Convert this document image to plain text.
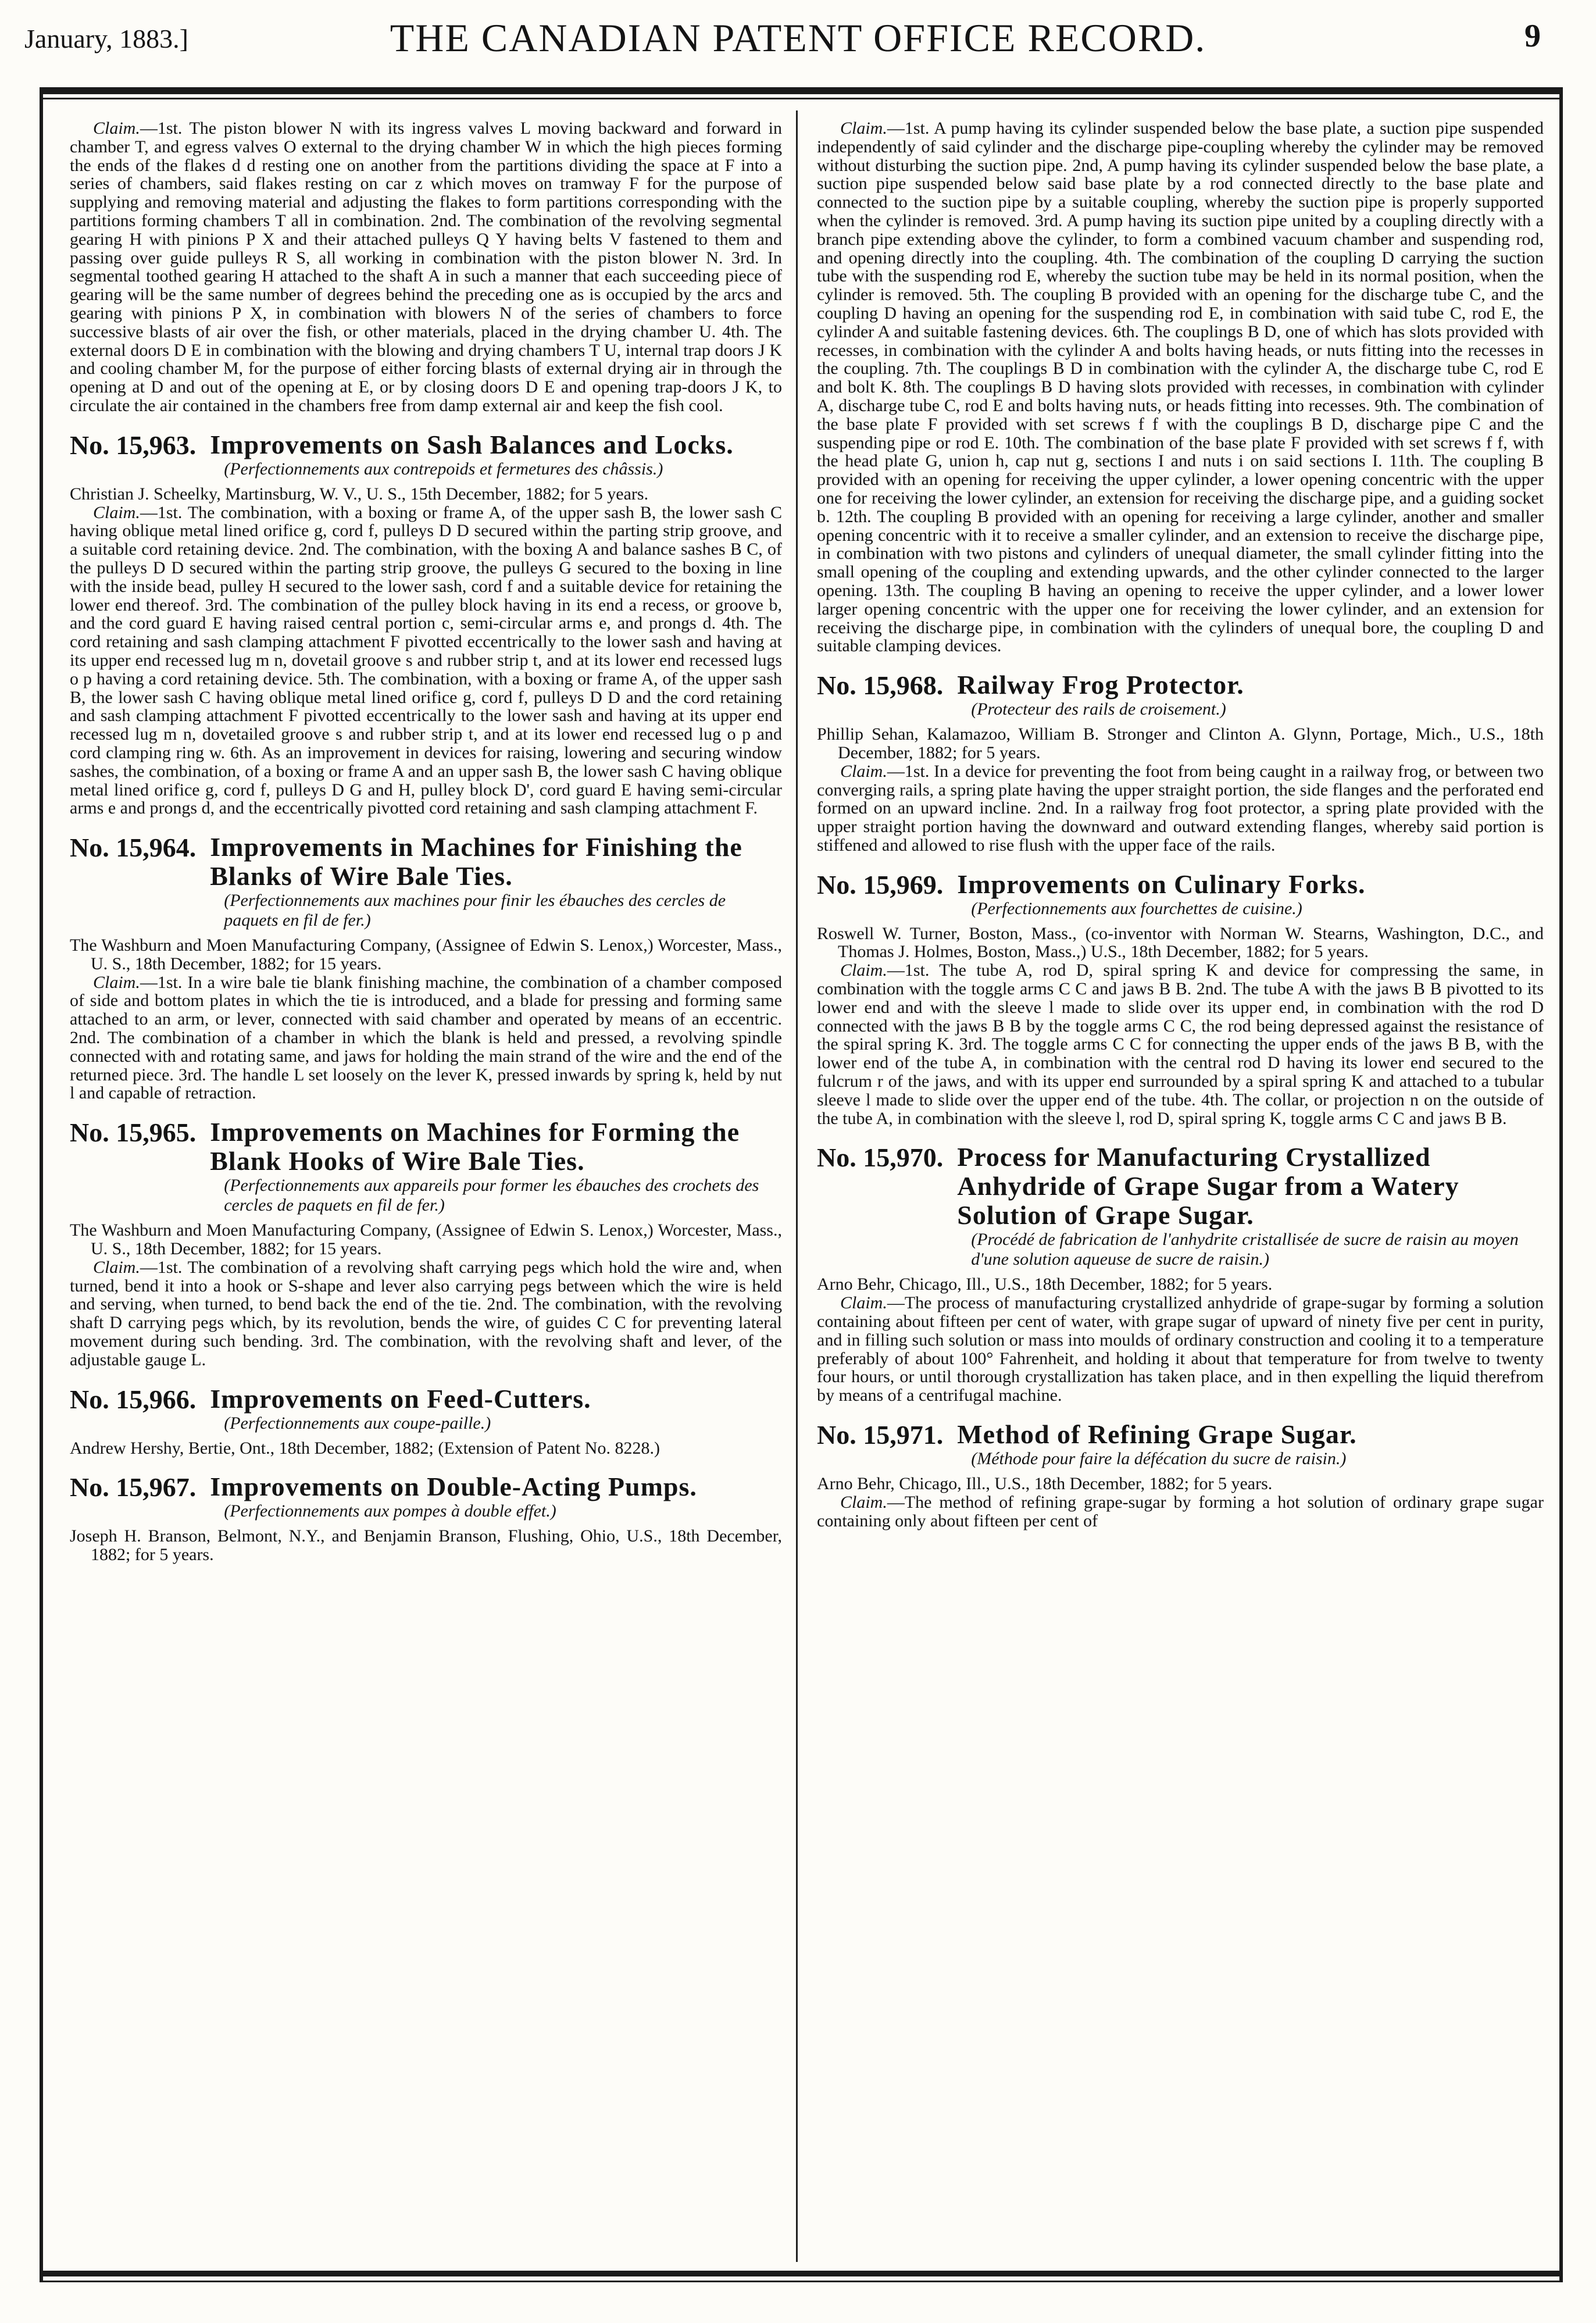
January, 1883.]	THE CANADIAN PATENT OFFICE RECORD.	9

Claim.—1st. The piston blower N with its ingress valves L moving backward and forward in chamber T, and egress valves O external to the drying chamber W in which the high pieces forming the ends of the flakes d d resting one on another from the partitions dividing the space at F into a series of chambers, said flakes resting on car z which moves on tramway F for the purpose of supplying and removing material and adjusting the flakes to form partitions corresponding with the partitions forming chambers T all in combination. 2nd. The combination of the revolving segmental gearing H with pinions P X and their attached pulleys Q Y having belts V fastened to them and passing over guide pulleys R S, all working in combination with the piston blower N. 3rd. In segmental toothed gearing H attached to the shaft A in such a manner that each succeeding piece of gearing will be the same number of degrees behind the preceding one as is occupied by the arcs and gearing with pinions P X, in combination with blowers N of the series of chambers to force successive blasts of air over the fish, or other materials, placed in the drying chamber U. 4th. The external doors D E in combination with the blowing and drying chambers T U, internal trap doors J K and cooling chamber M, for the purpose of either forcing blasts of external drying air in through the opening at D and out of the opening at E, or by closing doors D E and opening trap-doors J K, to circulate the air contained in the chambers free from damp external air and keep the fish cool.

No. 15,963. Improvements on Sash Balances and Locks.
(Perfectionnements aux contrepoids et fermetures des châssis.)

Christian J. Scheelky, Martinsburg, W. V., U. S., 15th December, 1882; for 5 years.

Claim.—1st. The combination, with a boxing or frame A, of the upper sash B, the lower sash C having oblique metal lined orifice g, cord f, pulleys D D secured within the parting strip groove, and a suitable cord retaining device. 2nd. The combination, with the boxing A and balance sashes B C, of the pulleys D D secured within the parting strip groove, the pulleys G secured to the boxing in line with the inside bead, pulley H secured to the lower sash, cord f and a suitable device for retaining the lower end thereof. 3rd. The combination of the pulley block having in its end a recess, or groove b, and the cord guard E having raised central portion c, semi-circular arms e, and prongs d. 4th. The cord retaining and sash clamping attachment F pivotted eccentrically to the lower sash and having at its upper end recessed lug m n, dovetail groove s and rubber strip t, and at its lower end recessed lugs o p having a cord retaining device. 5th. The combination, with a boxing or frame A, of the upper sash B, the lower sash C having oblique metal lined orifice g, cord f, pulleys D D and the cord retaining and sash clamping attachment F pivotted eccentrically to the lower sash and having at its upper end recessed lug m n, dovetailed groove s and rubber strip t, and at its lower end recessed lug o p and cord clamping ring w. 6th. As an improvement in devices for raising, lowering and securing window sashes, the combination, of a boxing or frame A and an upper sash B, the lower sash C having oblique metal lined orifice g, cord f, pulleys D G and H, pulley block D', cord guard E having semi-circular arms e and prongs d, and the eccentrically pivotted cord retaining and sash clamping attachment F.

No. 15,964. Improvements in Machines for Finishing the Blanks of Wire Bale Ties.
(Perfectionnements aux machines pour finir les ébauches des cercles de paquets en fil de fer.)

The Washburn and Moen Manufacturing Company, (Assignee of Edwin S. Lenox,) Worcester, Mass., U. S., 18th December, 1882; for 15 years.

Claim.—1st. In a wire bale tie blank finishing machine, the combination of a chamber composed of side and bottom plates in which the tie is introduced, and a blade for pressing and forming same attached to an arm, or lever, connected with said chamber and operated by means of an eccentric. 2nd. The combination of a chamber in which the blank is held and pressed, a revolving spindle connected with and rotating same, and jaws for holding the main strand of the wire and the end of the returned piece. 3rd. The handle L set loosely on the lever K, pressed inwards by spring k, held by nut l and capable of retraction.

No. 15,965. Improvements on Machines for Forming the Blank Hooks of Wire Bale Ties.
(Perfectionnements aux appareils pour former les ébauches des crochets des cercles de paquets en fil de fer.)

The Washburn and Moen Manufacturing Company, (Assignee of Edwin S. Lenox,) Worcester, Mass., U. S., 18th December, 1882; for 15 years.

Claim.—1st. The combination of a revolving shaft carrying pegs which hold the wire and, when turned, bend it into a hook or S-shape and lever also carrying pegs between which the wire is held and serving, when turned, to bend back the end of the tie. 2nd. The combination, with the revolving shaft D carrying pegs which, by its revolution, bends the wire, of guides C C for preventing lateral movement during such bending. 3rd. The combination, with the revolving shaft and lever, of the adjustable gauge L.

No. 15,966. Improvements on Feed-Cutters.
(Perfectionnements aux coupe-paille.)

Andrew Hershy, Bertie, Ont., 18th December, 1882; (Extension of Patent No. 8228.)

No. 15,967. Improvements on Double-Acting Pumps.
(Perfectionnements aux pompes à double effet.)

Joseph H. Branson, Belmont, N.Y., and Benjamin Branson, Flushing, Ohio, U.S., 18th December, 1882; for 5 years.

Claim.—1st. A pump having its cylinder suspended below the base plate, a suction pipe suspended independently of said cylinder and the discharge pipe-coupling whereby the cylinder may be removed without disturbing the suction pipe. 2nd, A pump having its cylinder suspended below the base plate, a suction pipe suspended below said base plate by a rod connected directly to the base plate and connected to the suction pipe by a suitable coupling, whereby the suction pipe is properly supported when the cylinder is removed. 3rd. A pump having its suction pipe united by a coupling directly with a branch pipe extending above the cylinder, to form a combined vacuum chamber and suspending rod, and opening directly into the coupling. 4th. The combination of the coupling D carrying the suction tube with the suspending rod E, whereby the suction tube may be held in its normal position, when the cylinder is removed. 5th. The coupling B provided with an opening for the discharge tube C, and the coupling D having an opening for the suspending rod E, in combination with said tube C, rod E, the cylinder A and suitable fastening devices. 6th. The couplings B D, one of which has slots provided with recesses, in combination with the cylinder A and bolts having heads, or nuts fitting into the recesses in the coupling. 7th. The couplings B D in combination with the cylinder A, the discharge tube C, rod E and bolt K. 8th. The couplings B D having slots provided with recesses, in combination with cylinder A, discharge tube C, rod E and bolts having nuts, or heads fitting into recesses. 9th. The combination of the base plate F provided with set screws f f with the couplings B D, discharge pipe C and the suspending pipe or rod E. 10th. The combination of the base plate F provided with set screws f f, with the head plate G, union h, cap nut g, sections I and nuts i on said sections I. 11th. The coupling B provided with an opening for receiving the upper cylinder, a lower opening concentric with the upper one for receiving the lower cylinder, an extension for receiving the discharge pipe, and a guiding socket b. 12th. The coupling B provided with an opening for receiving a large cylinder, another and smaller opening concentric with it to receive a smaller cylinder, and an extension to receive the discharge pipe, in combination with two pistons and cylinders of unequal diameter, the small cylinder fitting into the small opening of the coupling and extending upwards, and the other cylinder connected to the larger opening. 13th. The coupling B having an opening to receive the upper cylinder, and a lower lower larger opening concentric with the upper one for receiving the lower cylinder, and an extension for receiving the discharge pipe, in combination with the cylinders of unequal bore, the coupling D and suitable clamping devices.

No. 15,968. Railway Frog Protector.
(Protecteur des rails de croisement.)

Phillip Sehan, Kalamazoo, William B. Stronger and Clinton A. Glynn, Portage, Mich., U.S., 18th December, 1882; for 5 years.

Claim.—1st. In a device for preventing the foot from being caught in a railway frog, or between two converging rails, a spring plate having the upper straight portion, the side flanges and the perforated end formed on an upward incline. 2nd. In a railway frog foot protector, a spring plate provided with the upper straight portion having the downward and outward extending flanges, whereby said portion is stiffened and allowed to rise flush with the upper face of the rails.

No. 15,969. Improvements on Culinary Forks.
(Perfectionnements aux fourchettes de cuisine.)

Roswell W. Turner, Boston, Mass., (co-inventor with Norman W. Stearns, Washington, D.C., and Thomas J. Holmes, Boston, Mass.,) U.S., 18th December, 1882; for 5 years.

Claim.—1st. The tube A, rod D, spiral spring K and device for compressing the same, in combination with the toggle arms C C and jaws B B. 2nd. The tube A with the jaws B B pivotted to its lower end and with the sleeve l made to slide over its upper end, in combination with the rod D connected with the jaws B B by the toggle arms C C, the rod being depressed against the resistance of the spiral spring K. 3rd. The toggle arms C C for connecting the upper ends of the jaws B B, with the lower end of the tube A, in combination with the central rod D having its lower end secured to the fulcrum r of the jaws, and with its upper end surrounded by a spiral spring K and attached to a tubular sleeve l made to slide over the upper end of the tube. 4th. The collar, or projection n on the outside of the tube A, in combination with the sleeve l, rod D, spiral spring K, toggle arms C C and jaws B B.

No. 15,970. Process for Manufacturing Crystallized Anhydride of Grape Sugar from a Watery Solution of Grape Sugar.
(Procédé de fabrication de l'anhydrite cristallisée de sucre de raisin au moyen d'une solution aqueuse de sucre de raisin.)

Arno Behr, Chicago, Ill., U.S., 18th December, 1882; for 5 years.

Claim.—The process of manufacturing crystallized anhydride of grape-sugar by forming a solution containing about fifteen per cent of water, with grape sugar of upward of ninety five per cent in purity, and in filling such solution or mass into moulds of ordinary construction and cooling it to a temperature preferably of about 100° Fahrenheit, and holding it about that temperature for from twelve to twenty four hours, or until thorough crystallization has taken place, and in then expelling the liquid therefrom by means of a centrifugal machine.

No. 15,971. Method of Refining Grape Sugar.
(Méthode pour faire la défécation du sucre de raisin.)

Arno Behr, Chicago, Ill., U.S., 18th December, 1882; for 5 years.

Claim.—The method of refining grape-sugar by forming a hot solution of ordinary grape sugar containing only about fifteen per cent of
